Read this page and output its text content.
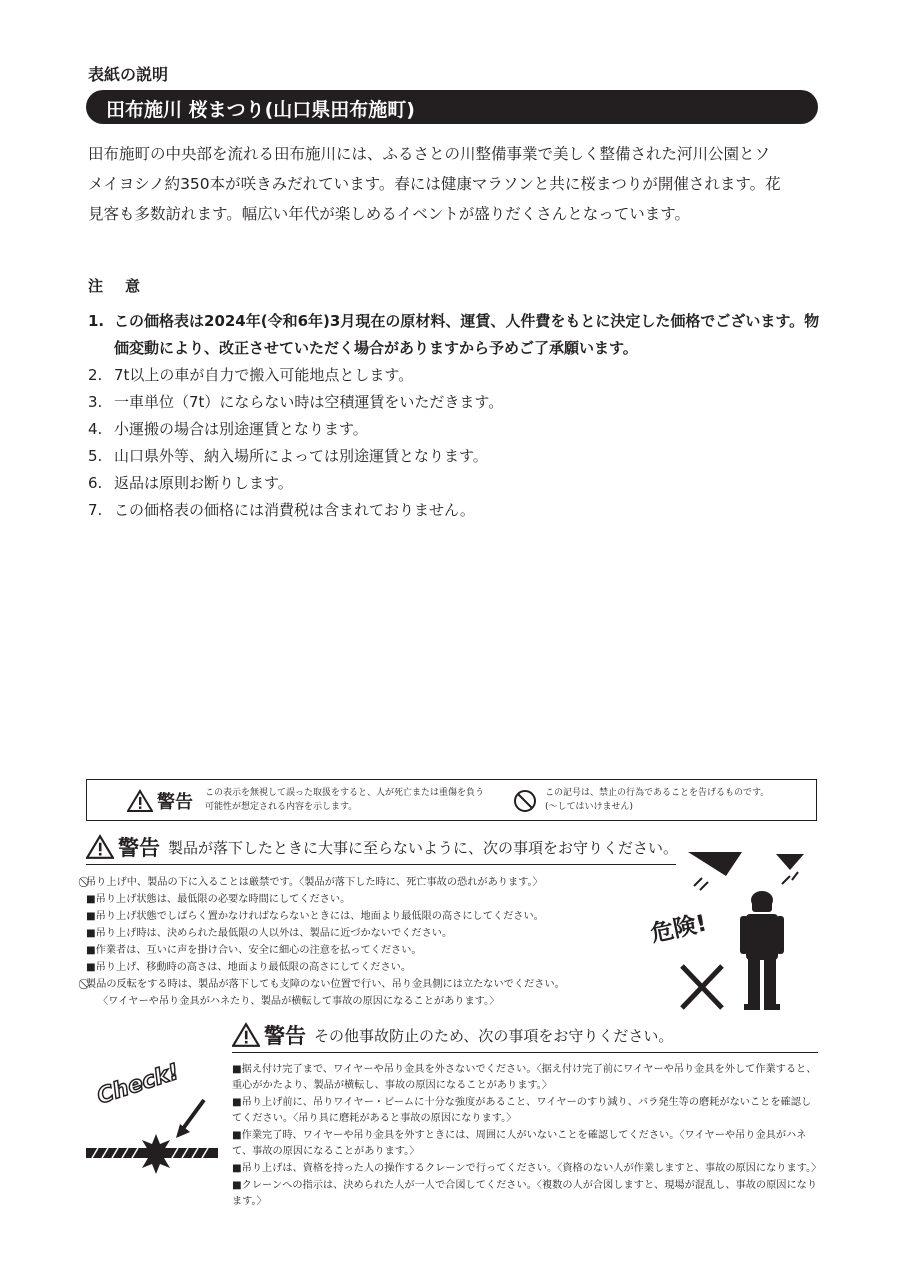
表紙の説明
田布施川 桜まつり(山口県田布施町)
田布施町の中央部を流れる田布施川には、ふるさとの川整備事業で美しく整備された河川公園とソ
メイヨシノ約350本が咲きみだれています。春には健康マラソンと共に桜まつりが開催されます。花
見客も多数訪れます。幅広い年代が楽しめるイベントが盛りだくさんとなっています。
注意
1. この価格表は2024年(令和6年)3月現在の原材料、運賃、人件費をもとに決定した価格でございます。物価変動により、改正させていただく場合がありますから予めご了承願います。
2. 7t以上の車が自力で搬入可能地点とします。
3. 一車単位（7t）にならない時は空積運賃をいただきます。
4. 小運搬の場合は別途運賃となります。
5. 山口県外等、納入場所によっては別途運賃となります。
6. 返品は原則お断りします。
7. この価格表の価格には消費税は含まれておりません。
警告 この表示を無視して誤った取扱をすると、人が死亡または重傷を負う
可能性が想定される内容を示します。
この記号は、禁止の行為であることを告げるものです。
(～してはいけません)
警告 製品が落下したときに大事に至らないように、次の事項をお守りください。
⃠吊り上げ中、製品の下に入ることは厳禁です。〈製品が落下した時に、死亡事故の恐れがあります。〉
■吊り上げ状態は、最低限の必要な時間にしてください。
■吊り上げ状態でしばらく置かなければならないときには、地面より最低限の高さにしてください。
■吊り上げ時は、決められた最低限の人以外は、製品に近づかないでください。
■作業者は、互いに声を掛け合い、安全に細心の注意を払ってください。
■吊り上げ、移動時の高さは、地面より最低限の高さにしてください。
⃠製品の反転をする時は、製品が落下しても支障のない位置で行い、吊り金具側には立たないでください。
〈ワイヤーや吊り金具がハネたり、製品が横転して事故の原因になることがあります。〉
危険!
警告 その他事故防止のため、次の事項をお守りください。
■据え付け完了まで、ワイヤーや吊り金具を外さないでください。〈据え付け完了前にワイヤーや吊り金具を外して作業すると、重心がかたより、製品が横転し、事故の原因になることがあります。〉
■吊り上げ前に、吊りワイヤー・ビームに十分な強度があること、ワイヤーのすり減り、バラ発生等の磨耗がないことを確認してください。〈吊り具に磨耗があると事故の原因になります。〉
■作業完了時、ワイヤーや吊り金具を外すときには、周囲に人がいないことを確認してください。〈ワイヤーや吊り金具がハネて、事故の原因になることがあります。〉
■吊り上げは、資格を持った人の操作するクレーンで行ってください。〈資格のない人が作業しますと、事故の原因になります。〉
■クレーンへの指示は、決められた人が一人で合図してください。〈複数の人が合図しますと、現場が混乱し、事故の原因になります。〉
Check!
